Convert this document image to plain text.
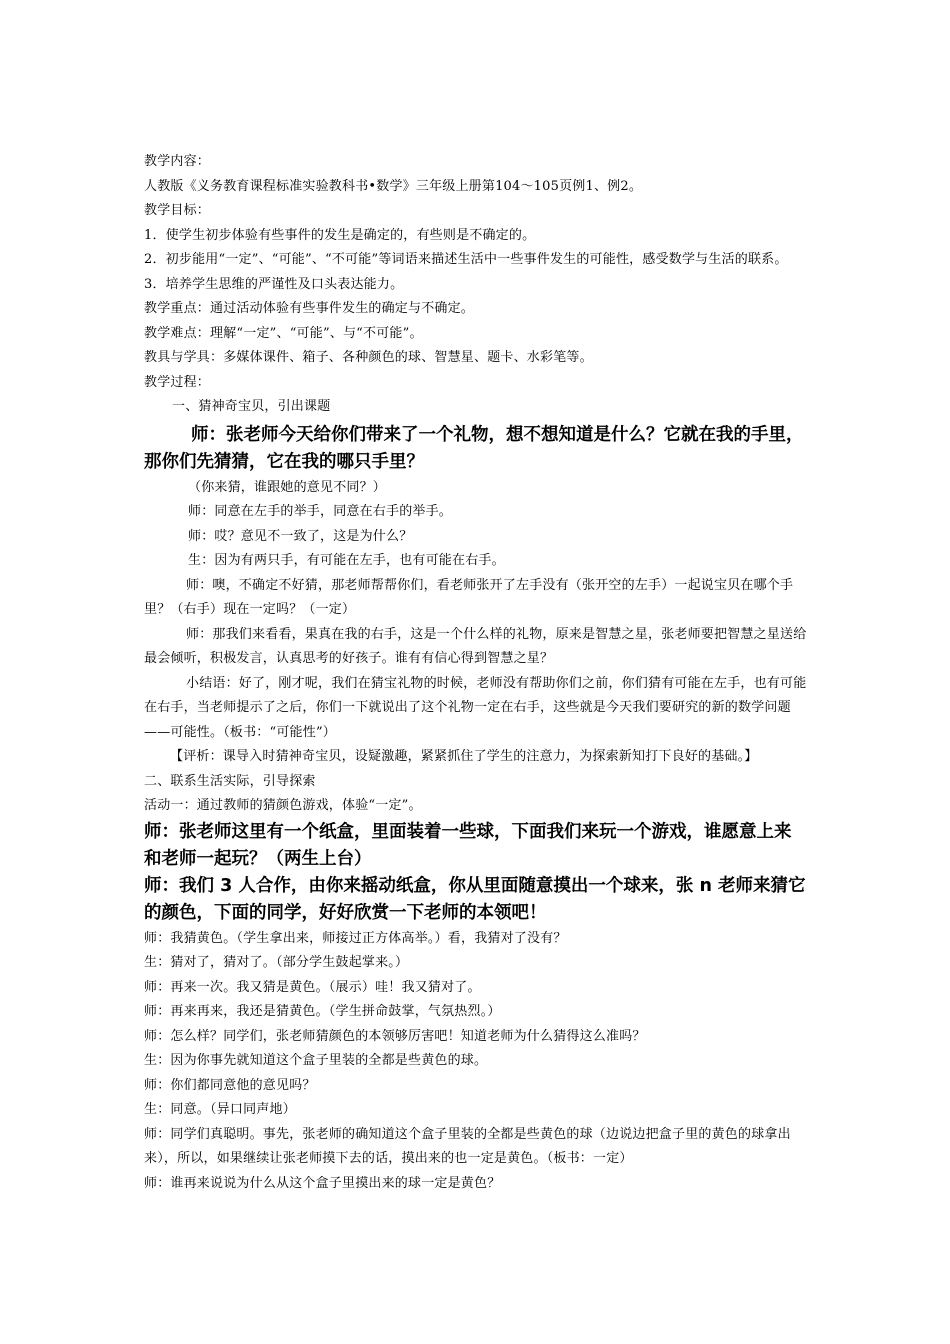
教学内容：

人教版《义务教育课程标准实验教科书•数学》三年级上册第104～105页例1、例2。

教学目标：

1．使学生初步体验有些事件的发生是确定的，有些则是不确定的。

2．初步能用“一定”、“可能”、“不可能”等词语来描述生活中一些事件发生的可能性，感受数学与生活的联系。

3．培养学生思维的严谨性及口头表达能力。

教学重点：通过活动体验有些事件发生的确定与不确定。

教学难点：理解“一定”、“可能”、与“不可能”。

教具与学具：多媒体课件、箱子、各种颜色的球、智慧星、题卡、水彩笔等。

教学过程：

一、猜神奇宝贝，引出课题

师：张老师今天给你们带来了一个礼物，想不想知道是什么？它就在我的手里，那你们先猜猜，它在我的哪只手里？

（你来猜，谁跟她的意见不同？）

师：同意在左手的举手，同意在右手的举手。

师：哎？意见不一致了，这是为什么？

生：因为有两只手，有可能在左手，也有可能在右手。

师：噢，不确定不好猜，那老师帮帮你们，看老师张开了左手没有（张开空的左手）一起说宝贝在哪个手里？（右手）现在一定吗？（一定）

师：那我们来看看，果真在我的右手，这是一个什么样的礼物，原来是智慧之星，张老师要把智慧之星送给最会倾听，积极发言，认真思考的好孩子。谁有有信心得到智慧之星？

小结语：好了，刚才呢，我们在猜宝礼物的时候，老师没有帮助你们之前，你们猜有可能在左手，也有可能在右手，当老师提示了之后，你们一下就说出了这个礼物一定在右手，这些就是今天我们要研究的新的数学问题——可能性。（板书：“可能性”）

【评析：课导入时猜神奇宝贝，设疑激趣，紧紧抓住了学生的注意力，为探索新知打下良好的基础。】

二、联系生活实际，引导探索

活动一：通过教师的猜颜色游戏，体验“一定”。

师：张老师这里有一个纸盒，里面装着一些球，下面我们来玩一个游戏，谁愿意上来和老师一起玩？（两生上台）

师：我们 3 人合作，由你来摇动纸盒，你从里面随意摸出一个球来，张 n 老师来猜它的颜色，下面的同学，好好欣赏一下老师的本领吧！

师：我猜黄色。（学生拿出来，师接过正方体高举。）看，我猜对了没有？

生：猜对了，猜对了。（部分学生鼓起掌来。）

师：再来一次。我又猜是黄色。（展示）哇！我又猜对了。

师：再来再来，我还是猜黄色。（学生拼命鼓掌，气氛热烈。）

师：怎么样？同学们，张老师猜颜色的本领够厉害吧！知道老师为什么猜得这么准吗？

生：因为你事先就知道这个盒子里装的全都是些黄色的球。

师：你们都同意他的意见吗？

生：同意。（异口同声地）

师：同学们真聪明。事先，张老师的确知道这个盒子里装的全都是些黄色的球（边说边把盒子里的黄色的球拿出来），所以，如果继续让张老师摸下去的话，摸出来的也一定是黄色。（板书：一定）

师：谁再来说说为什么从这个盒子里摸出来的球一定是黄色？
